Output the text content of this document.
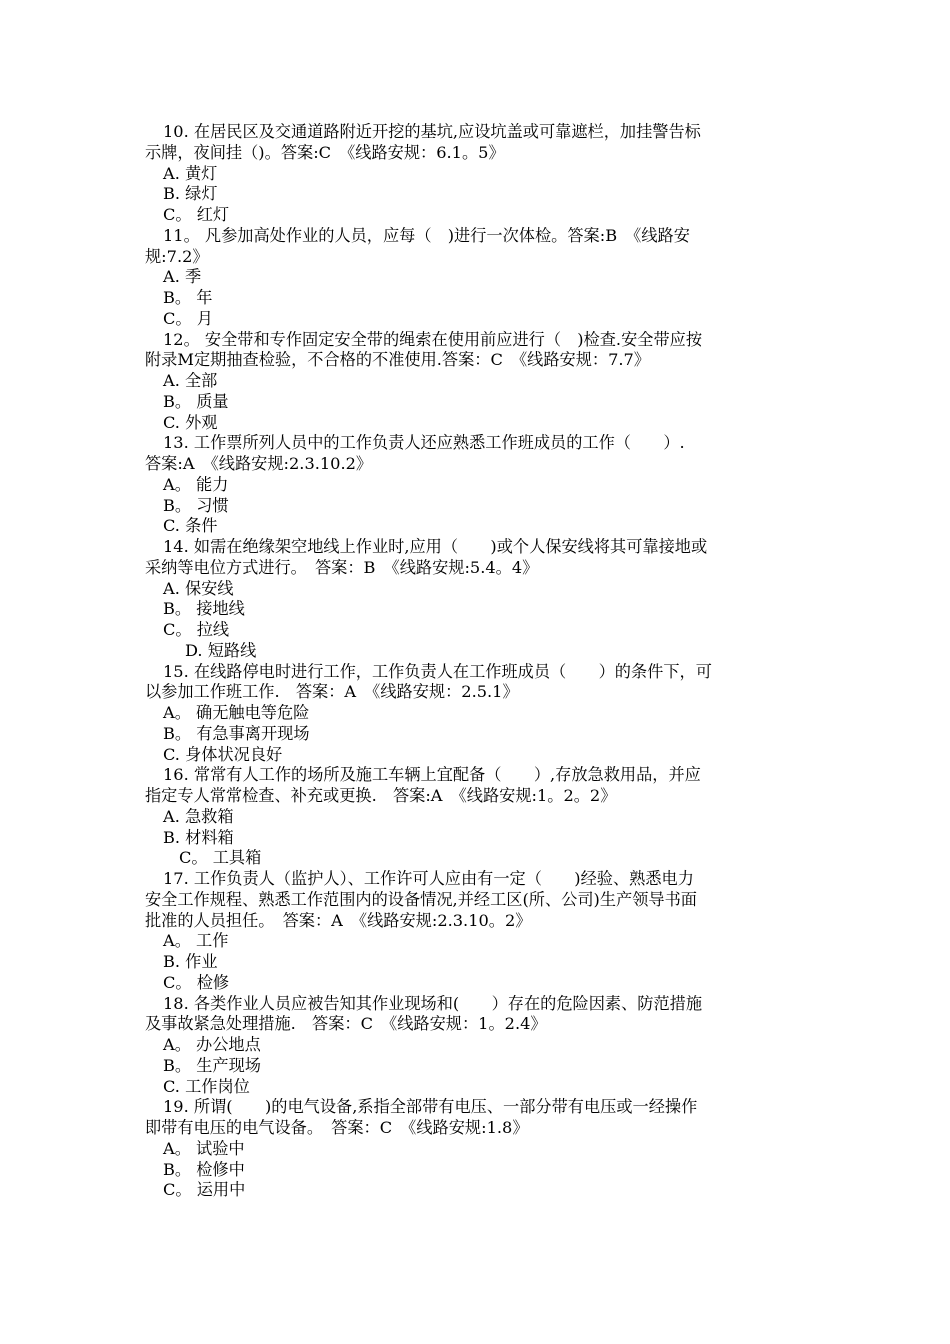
10. 在居民区及交通道路附近开挖的基坑,应设坑盖或可靠遮栏，加挂警告标
示牌，夜间挂（)。答案:C　《线路安规：6.1。5》
A. 黄灯
B. 绿灯
C。 红灯
11。 凡参加高处作业的人员，应每（　)进行一次体检。答案:B　《线路安
规:7.2》
A. 季
B。 年
C。 月
12。 安全带和专作固定安全带的绳索在使用前应进行（　)检查.安全带应按
附录M定期抽查检验，不合格的不准使用.答案：C　《线路安规：7.7》
A. 全部
B。 质量
C. 外观
13. 工作票所列人员中的工作负责人还应熟悉工作班成员的工作（　　）.
答案:A　《线路安规:2.3.10.2》
A。 能力
B。 习惯
C. 条件
14. 如需在绝缘架空地线上作业时,应用（　　)或个人保安线将其可靠接地或
采纳等电位方式进行。　答案：B　《线路安规:5.4。4》
A. 保安线
B。 接地线
C。 拉线
D. 短路线
15. 在线路停电时进行工作，工作负责人在工作班成员（　　）的条件下，可
以参加工作班工作.　答案：A　《线路安规：2.5.1》
A。 确无触电等危险
B。 有急事离开现场
C. 身体状况良好
16. 常常有人工作的场所及施工车辆上宜配备（　　）,存放急救用品，并应
指定专人常常检查、补充或更换.　答案:A　《线路安规:1。2。2》
A. 急救箱
B. 材料箱
C。 工具箱
17. 工作负责人（监护人）、工作许可人应由有一定（　　)经验、熟悉电力
安全工作规程、熟悉工作范围内的设备情况,并经工区(所、公司)生产领导书面
批准的人员担任。　答案：A　《线路安规:2.3.10。2》
A。 工作
B. 作业
C。 检修
18. 各类作业人员应被告知其作业现场和(　　）存在的危险因素、防范措施
及事故紧急处理措施.　答案：C　《线路安规：1。2.4》
A。 办公地点
B。 生产现场
C. 工作岗位
19. 所谓(　　)的电气设备,系指全部带有电压、一部分带有电压或一经操作
即带有电压的电气设备。　答案：C　《线路安规:1.8》
A。 试验中
B。 检修中
C。 运用中
